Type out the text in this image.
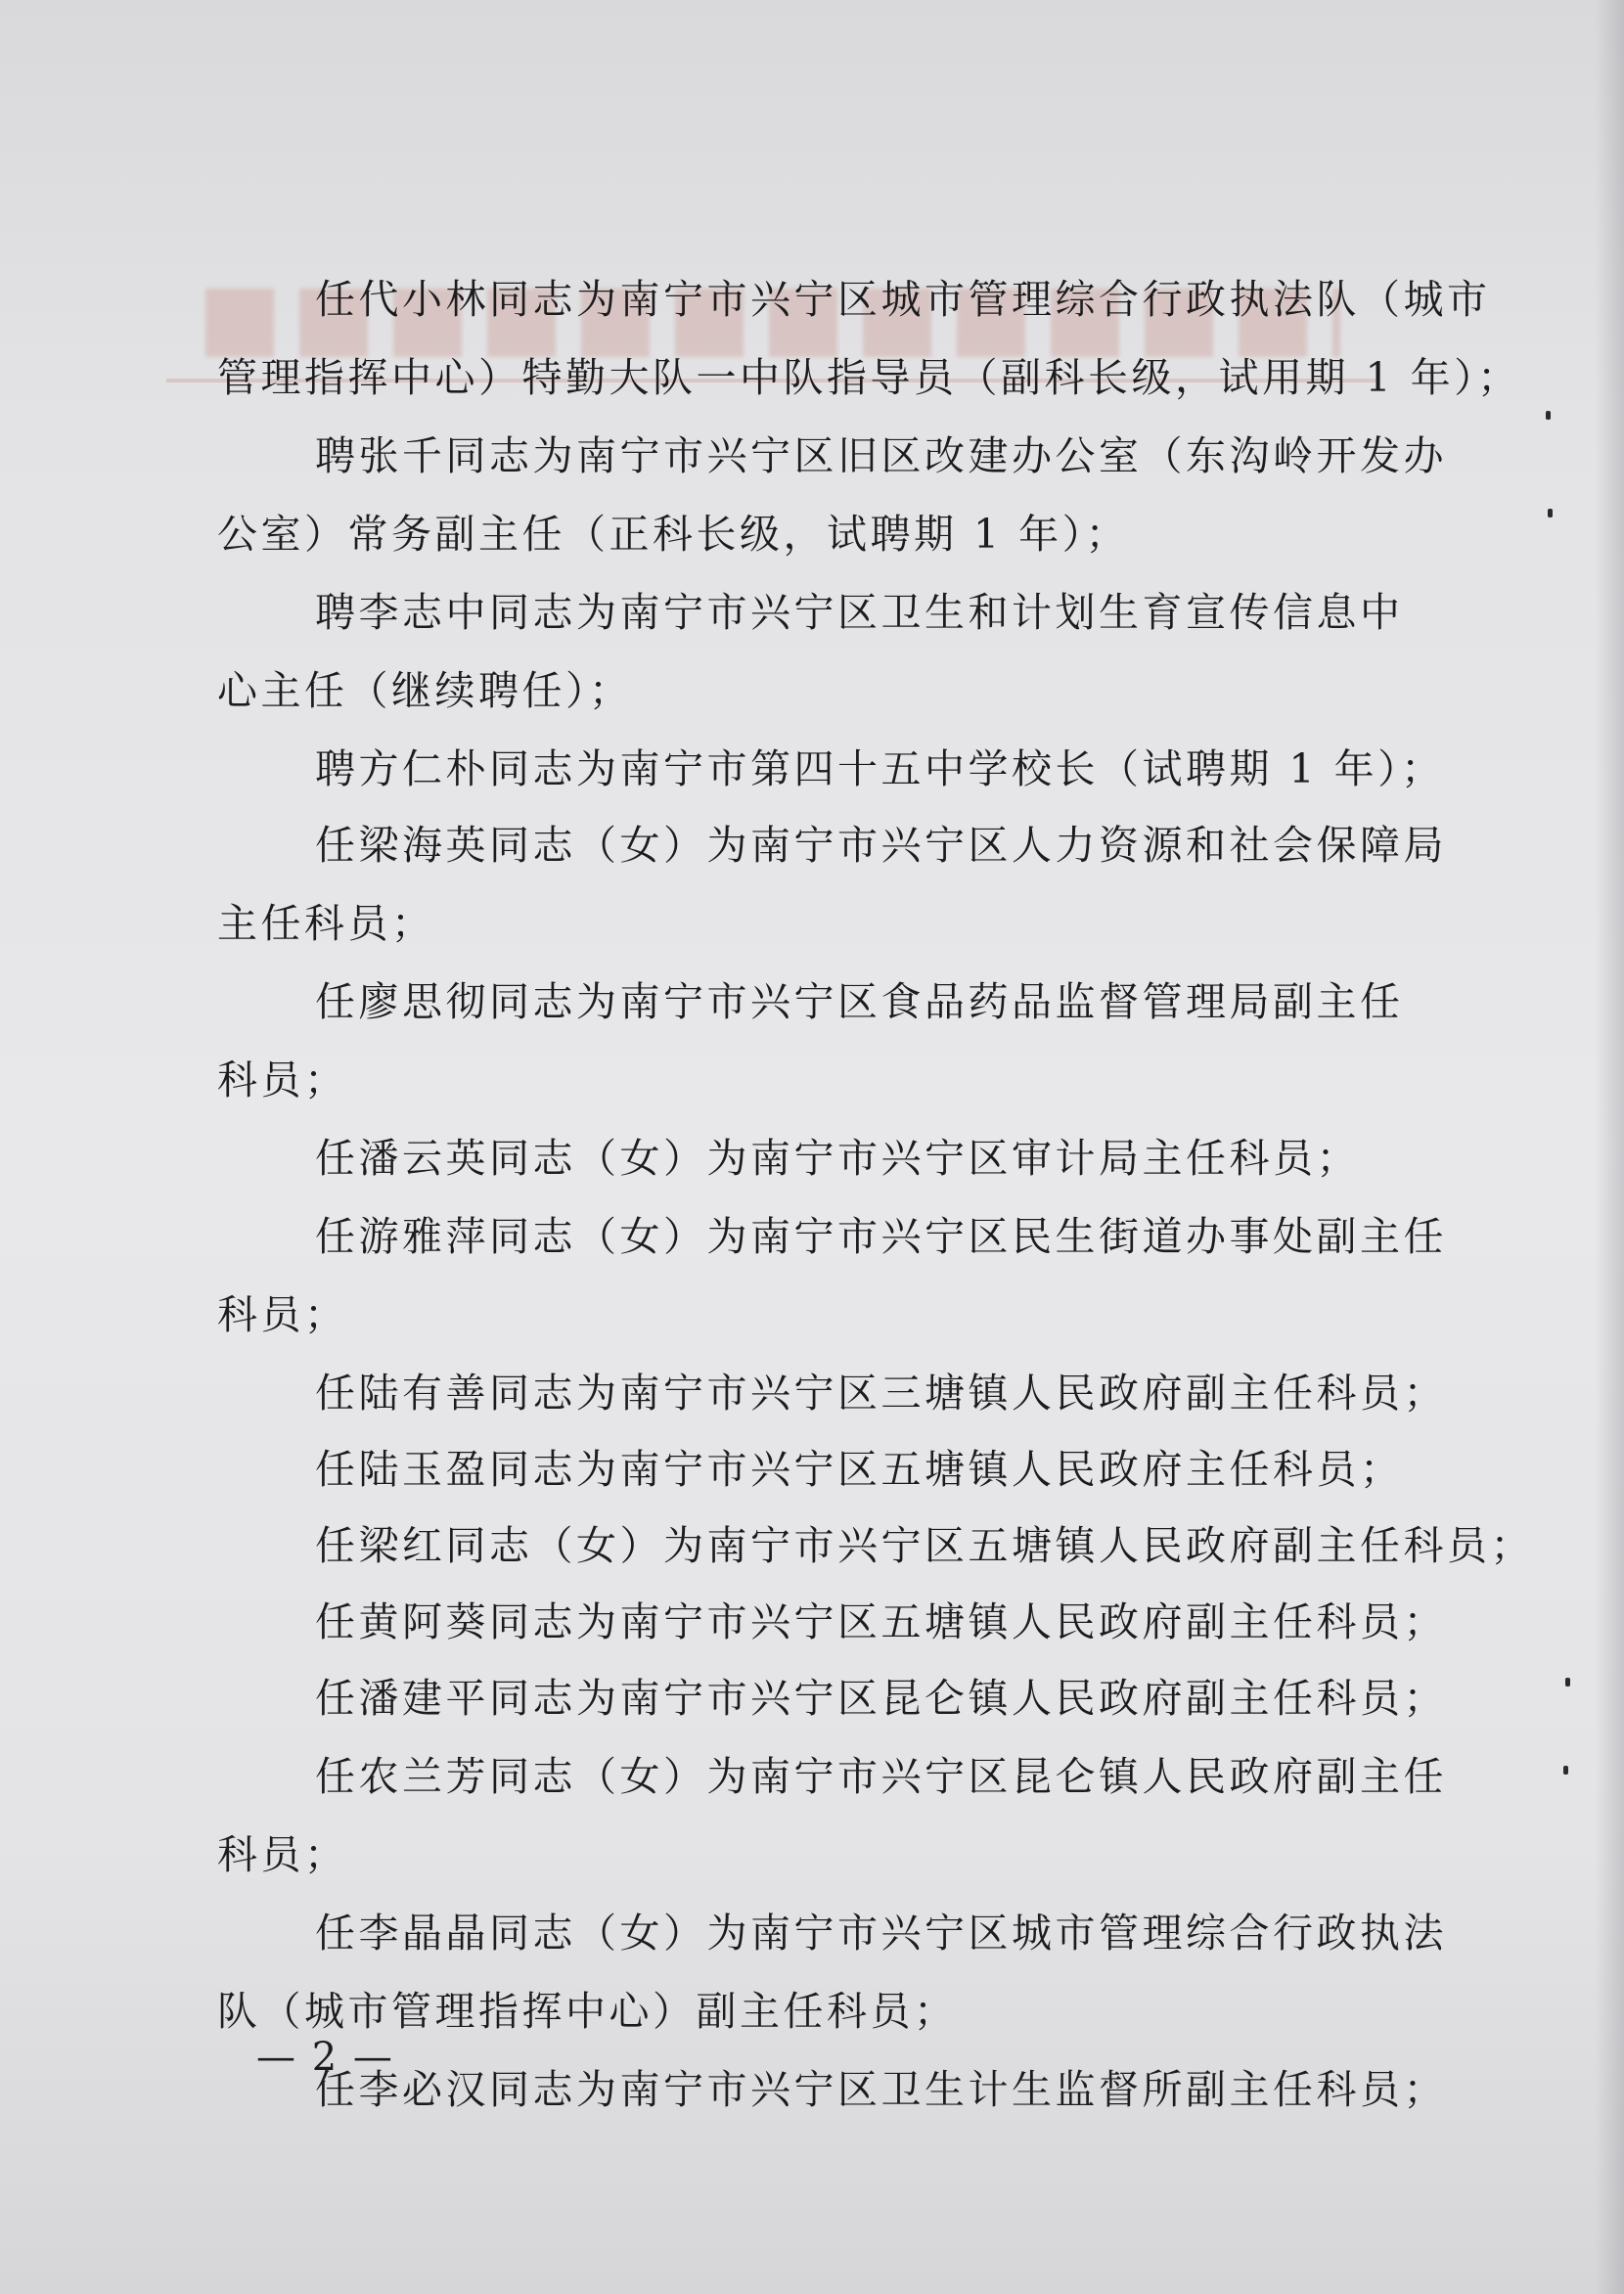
任代小林同志为南宁市兴宁区城市管理综合行政执法队（城市
管理指挥中心）特勤大队一中队指导员（副科长级，试用期 1 年）；
聘张千同志为南宁市兴宁区旧区改建办公室（东沟岭开发办
公室）常务副主任（正科长级，试聘期 1 年）；
聘李志中同志为南宁市兴宁区卫生和计划生育宣传信息中
心主任（继续聘任）；
聘方仁朴同志为南宁市第四十五中学校长（试聘期 1 年）；
任梁海英同志（女）为南宁市兴宁区人力资源和社会保障局
主任科员；
任廖思彻同志为南宁市兴宁区食品药品监督管理局副主任
科员；
任潘云英同志（女）为南宁市兴宁区审计局主任科员；
任游雅萍同志（女）为南宁市兴宁区民生街道办事处副主任
科员；
任陆有善同志为南宁市兴宁区三塘镇人民政府副主任科员；
任陆玉盈同志为南宁市兴宁区五塘镇人民政府主任科员；
任梁红同志（女）为南宁市兴宁区五塘镇人民政府副主任科员；
任黄阿葵同志为南宁市兴宁区五塘镇人民政府副主任科员；
任潘建平同志为南宁市兴宁区昆仑镇人民政府副主任科员；
任农兰芳同志（女）为南宁市兴宁区昆仑镇人民政府副主任
科员；
任李晶晶同志（女）为南宁市兴宁区城市管理综合行政执法
队（城市管理指挥中心）副主任科员；
任李必汉同志为南宁市兴宁区卫生计生监督所副主任科员；
— 2 —
